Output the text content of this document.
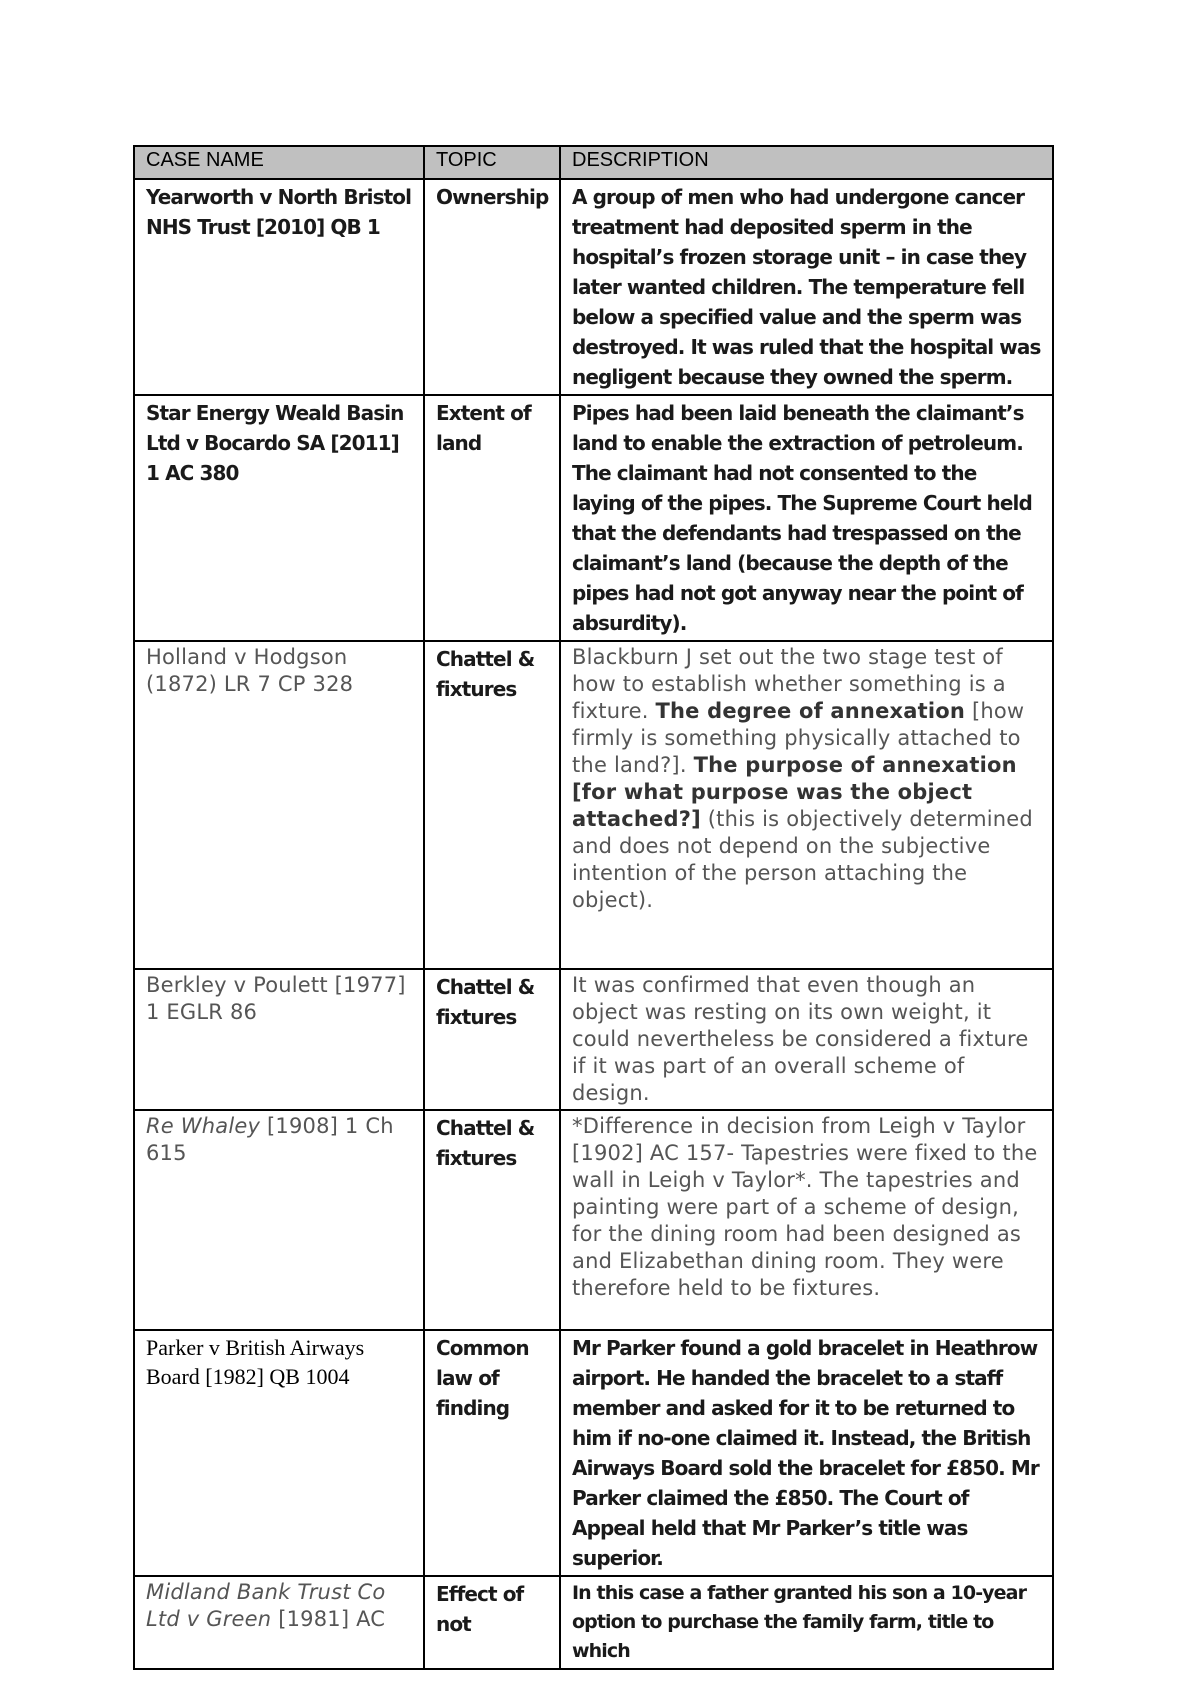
CASE NAME	TOPIC	DESCRIPTION
Yearworth v North Bristol NHS Trust [2010] QB 1	Ownership	A group of men who had undergone cancer treatment had deposited sperm in the hospital’s frozen storage unit – in case they later wanted children. The temperature fell below a specified value and the sperm was destroyed. It was ruled that the hospital was negligent because they owned the sperm.
Star Energy Weald Basin Ltd v Bocardo SA [2011] 1 AC 380	Extent of land	Pipes had been laid beneath the claimant’s land to enable the extraction of petroleum. The claimant had not consented to the laying of the pipes. The Supreme Court held that the defendants had trespassed on the claimant’s land (because the depth of the pipes had not got anyway near the point of absurdity).
Holland v Hodgson (1872) LR 7 CP 328	Chattel & fixtures	Blackburn J set out the two stage test of how to establish whether something is a fixture. The degree of annexation [how firmly is something physically attached to the land?]. The purpose of annexation [for what purpose was the object attached?] (this is objectively determined and does not depend on the subjective intention of the person attaching the object).
Berkley v Poulett [1977] 1 EGLR 86	Chattel & fixtures	It was confirmed that even though an object was resting on its own weight, it could nevertheless be considered a fixture if it was part of an overall scheme of design.
Re Whaley [1908] 1 Ch 615	Chattel & fixtures	*Difference in decision from Leigh v Taylor [1902] AC 157- Tapestries were fixed to the wall in Leigh v Taylor*. The tapestries and painting were part of a scheme of design, for the dining room had been designed as and Elizabethan dining room. They were therefore held to be fixtures.
Parker v British Airways Board [1982] QB 1004	Common law of finding	Mr Parker found a gold bracelet in Heathrow airport. He handed the bracelet to a staff member and asked for it to be returned to him if no-one claimed it. Instead, the British Airways Board sold the bracelet for £850. Mr Parker claimed the £850. The Court of Appeal held that Mr Parker’s title was superior.
Midland Bank Trust Co Ltd v Green [1981] AC	Effect of not	In this case a father granted his son a 10-year option to purchase the family farm, title to which
